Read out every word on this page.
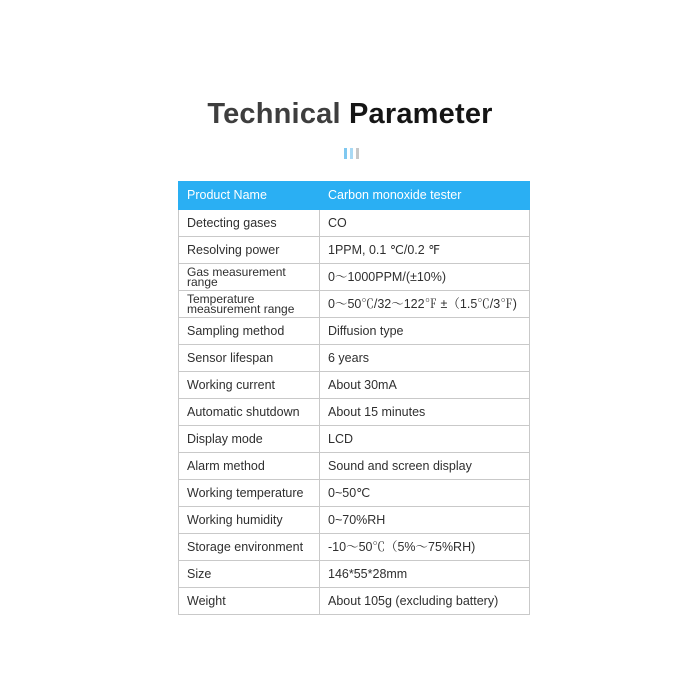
Technical Parameter
Product Name	Carbon monoxide tester
Detecting gases	CO
Resolving power	1PPM, 0.1 ℃/0.2 ℉
Gas measurement range	0～1000PPM/(±10%)
Temperature measurement range	0～50℃/32～122℉ ±（1.5℃/3℉)
Sampling method	Diffusion type
Sensor lifespan	6 years
Working current	About 30mA
Automatic shutdown	About 15 minutes
Display mode	LCD
Alarm method	Sound and screen display
Working temperature	0~50℃
Working humidity	0~70%RH
Storage environment	-10～50℃（5%～75%RH)
Size	146*55*28mm
Weight	About 105g (excluding battery)
